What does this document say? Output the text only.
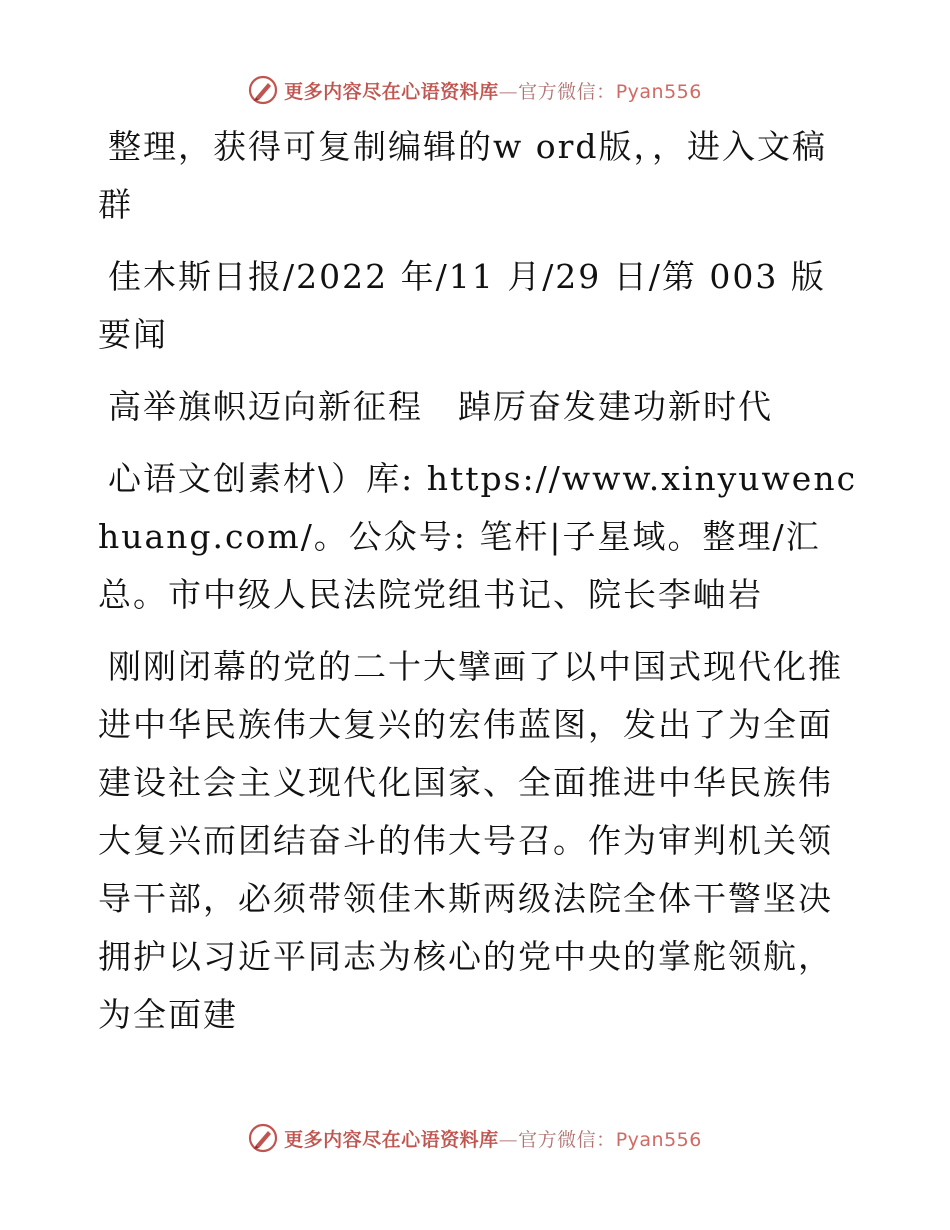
更多内容尽在心语资料库—官方微信：Pyan556

整理，获得可复制编辑的w ord版，，进入文稿群

佳木斯日报/2022 年/11 月/29 日/第 003 版要闻

高举旗帜迈向新征程　踔厉奋发建功新时代

心语文创素材\）库: https://www.xinyuwenchuang.com/。公众号: 笔杆|子星域。整理/汇总。市中级人民法院党组书记、院长李岫岩

刚刚闭幕的党的二十大擘画了以中国式现代化推进中华民族伟大复兴的宏伟蓝图，发出了为全面建设社会主义现代化国家、全面推进中华民族伟大复兴而团结奋斗的伟大号召。作为审判机关领导干部，必须带领佳木斯两级法院全体干警坚决拥护以习近平同志为核心的党中央的掌舵领航，为全面建

更多内容尽在心语资料库—官方微信：Pyan556
